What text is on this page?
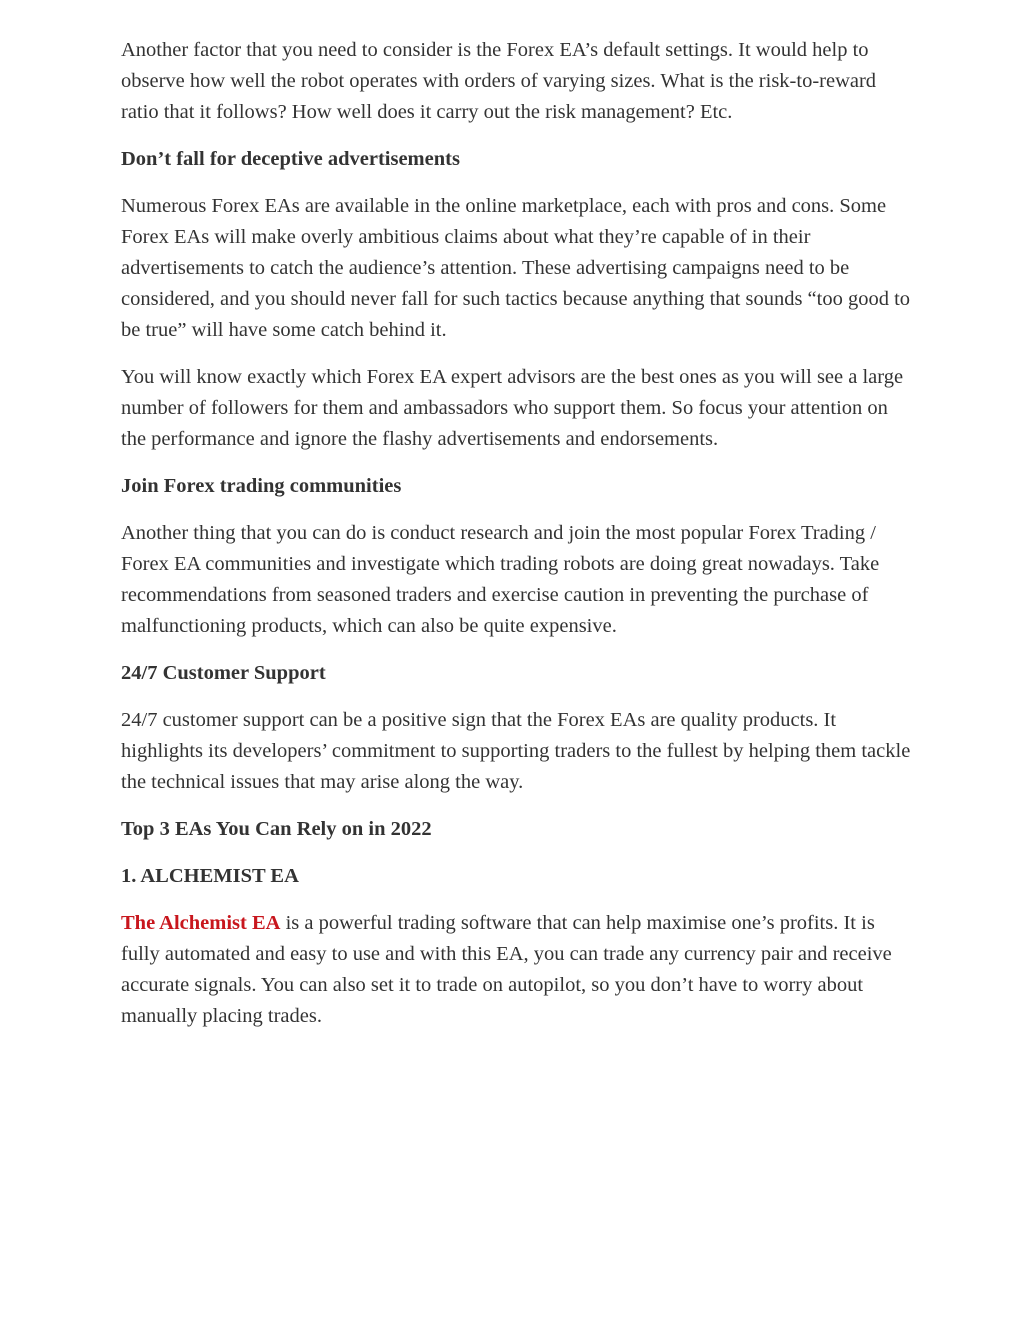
Another factor that you need to consider is the Forex EA’s default settings. It would help to observe how well the robot operates with orders of varying sizes. What is the risk-to-reward ratio that it follows? How well does it carry out the risk management? Etc.

Don’t fall for deceptive advertisements

Numerous Forex EAs are available in the online marketplace, each with pros and cons. Some Forex EAs will make overly ambitious claims about what they’re capable of in their advertisements to catch the audience’s attention. These advertising campaigns need to be considered, and you should never fall for such tactics because anything that sounds “too good to be true” will have some catch behind it.

You will know exactly which Forex EA expert advisors are the best ones as you will see a large number of followers for them and ambassadors who support them. So focus your attention on the performance and ignore the flashy advertisements and endorsements.

Join Forex trading communities

Another thing that you can do is conduct research and join the most popular Forex Trading / Forex EA communities and investigate which trading robots are doing great nowadays. Take recommendations from seasoned traders and exercise caution in preventing the purchase of malfunctioning products, which can also be quite expensive.

24/7 Customer Support

24/7 customer support can be a positive sign that the Forex EAs are quality products. It highlights its developers’ commitment to supporting traders to the fullest by helping them tackle the technical issues that may arise along the way.

Top 3 EAs You Can Rely on in 2022
1. ALCHEMIST EA

The Alchemist EA is a powerful trading software that can help maximise one’s profits. It is fully automated and easy to use and with this EA, you can trade any currency pair and receive accurate signals. You can also set it to trade on autopilot, so you don’t have to worry about manually placing trades.
